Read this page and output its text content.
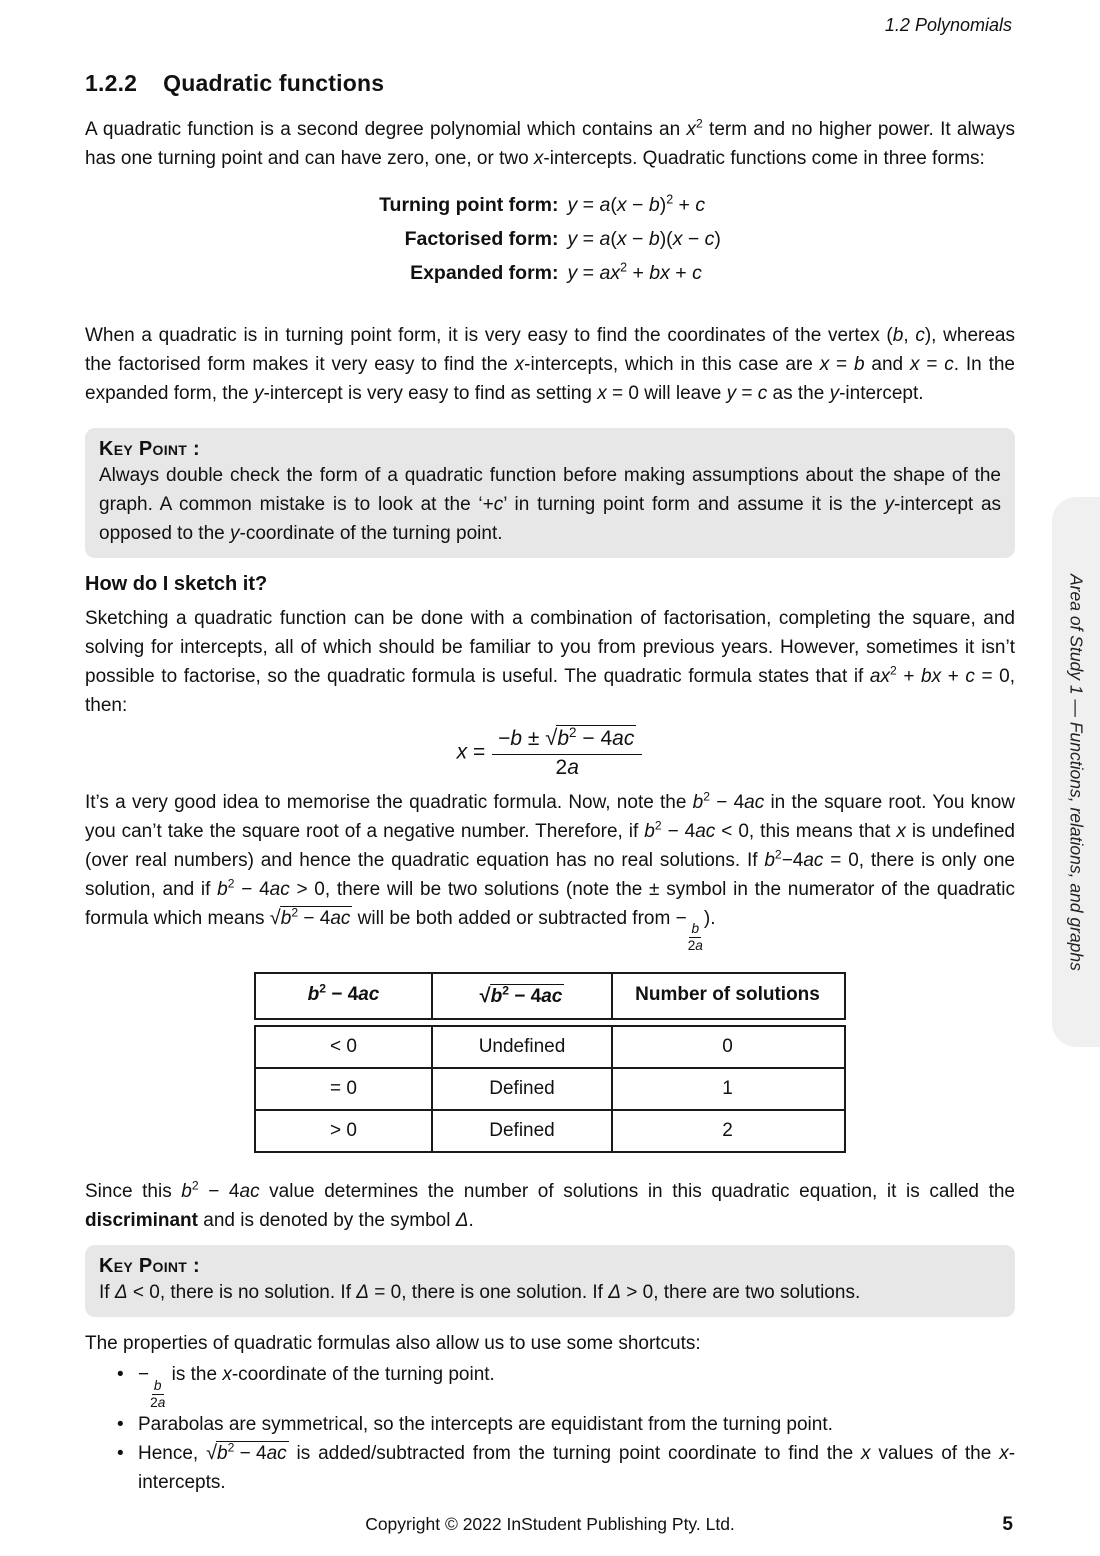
1.2 Polynomials
1.2.2 Quadratic functions

A quadratic function is a second degree polynomial which contains an $x^2$ term and no higher power. It always has one turning point and can have zero, one, or two x-intercepts. Quadratic functions come in three forms:

Turning point form: $y = a(x - b)^2 + c$
Factorised form: y = a(x − b)(x − c)
Expanded form: $y = ax^2$ + bx + c

When a quadratic is in turning point form, it is very easy to find the coordinates of the vertex (b, c), whereas the factorised form makes it very easy to find the x-intercepts, which in this case are x = b and x = c. In the expanded form, the y-intercept is very easy to find as setting x = 0 will leave y = c as the y-intercept.

Key Point :
Always double check the form of a quadratic function before making assumptions about the shape of the graph. A common mistake is to look at the ‘+c’ in turning point form and assume it is the y-intercept as opposed to the y-coordinate of the turning point.
How do I sketch it?

Sketching a quadratic function can be done with a combination of factorisation, completing the square, and solving for intercepts, all of which should be familiar to you from previous years. However, sometimes it isn’t possible to factorise, so the quadratic formula is useful. The quadratic formula states that if $ax^2$ + bx + c = 0, then:

$x = \frac{-b \pm √b^2 - 4ac}{2a}$

It’s a very good idea to memorise the quadratic formula. Now, note the $b^2 - 4ac$ in the square root. You know you can’t take the square root of a negative number. Therefore, if $b^2 - 4ac < 0$, this means that x is undefined (over real numbers) and hence the quadratic equation has no real solutions. If $b^2-4ac = 0$, there is only one solution, and if $b^2 - 4ac > 0$, there will be two solutions (note the ± symbol in the numerator of the quadratic formula which means $√b^2 - 4ac$ will be both added or subtracted from −
$\frac{b}{2a}$
).

$b^2 - 4ac$	$√b^2 - 4ac$	Number of solutions
< 0	Undefined	0
= 0	Defined	1
> 0	Defined	2

Since this $b^2 - 4ac$ value determines the number of solutions in this quadratic equation, it is called the discriminant and is denoted by the symbol Δ.

Key Point :
If Δ < 0, there is no solution. If Δ = 0, there is one solution. If Δ > 0, there are two solutions.

The properties of quadratic formulas also allow us to use some shortcuts:

• −
$\frac{b}{2a}$
is the x-coordinate of the turning point.
• Parabolas are symmetrical, so the intercepts are equidistant from the turning point.
• Hence, $√b^2 - 4ac$ is added/subtracted from the turning point coordinate to find the x values of the x-intercepts.
Area of Study 1 — Functions, relations, and graphs
Copyright © 2022 InStudent Publishing Pty. Ltd.	5
